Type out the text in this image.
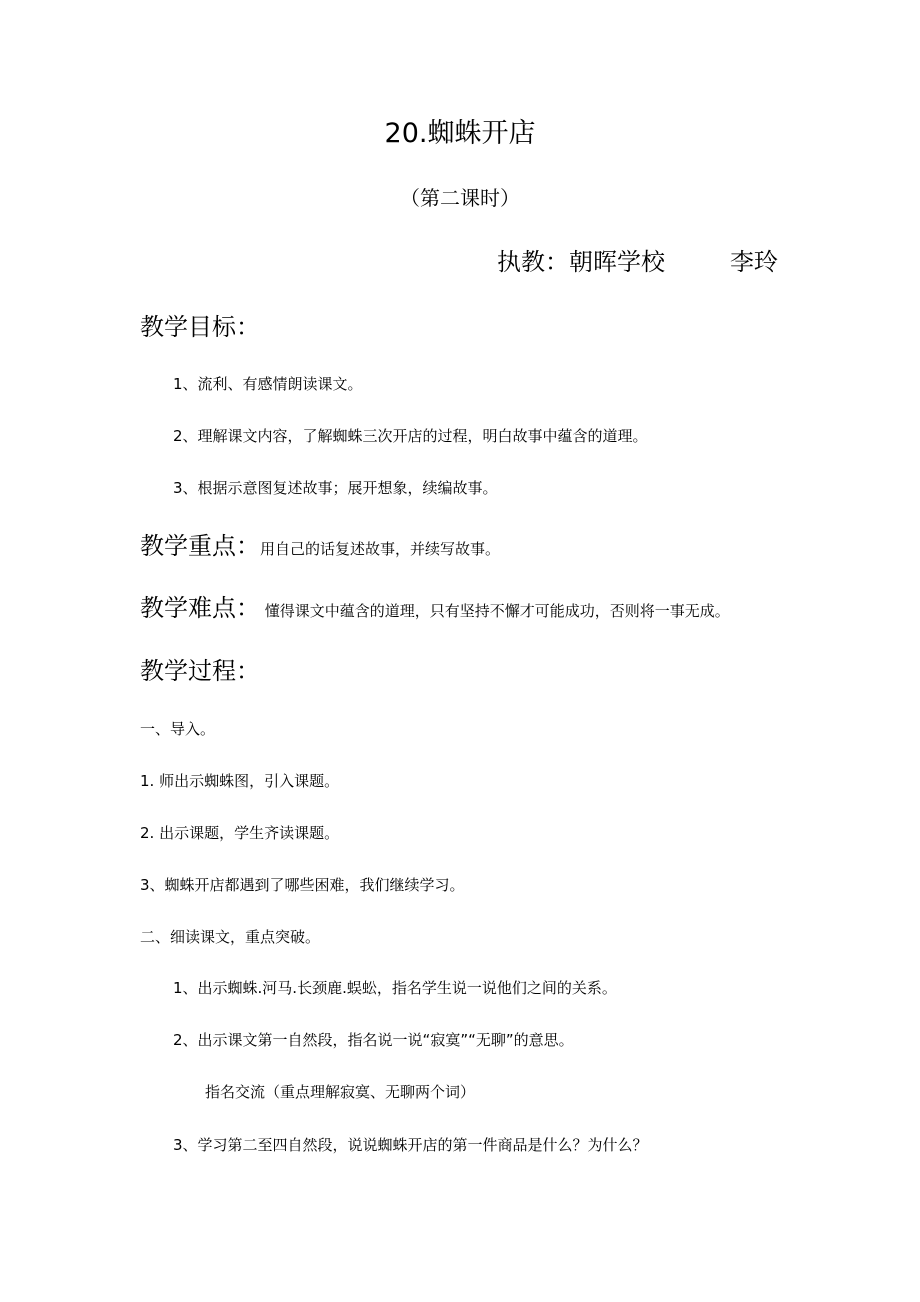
20.蜘蛛开店
（第二课时）
执教：朝晖学校	李玲
教学目标：
1、流利、有感情朗读课文。
2、理解课文内容，了解蜘蛛三次开店的过程，明白故事中蕴含的道理。
3、根据示意图复述故事；展开想象，续编故事。
教学重点：用自己的话复述故事，并续写故事。
教学难点： 懂得课文中蕴含的道理，只有坚持不懈才可能成功，否则将一事无成。
教学过程：
一、导入。
1. 师出示蜘蛛图，引入课题。
2. 出示课题，学生齐读课题。
3、蜘蛛开店都遇到了哪些困难，我们继续学习。
二、细读课文，重点突破。
1、出示蜘蛛.河马.长颈鹿.蜈蚣，指名学生说一说他们之间的关系。
2、出示课文第一自然段，指名说一说“寂寞”“无聊”的意思。
指名交流（重点理解寂寞、无聊两个词）
3、学习第二至四自然段，说说蜘蛛开店的第一件商品是什么？为什么？
